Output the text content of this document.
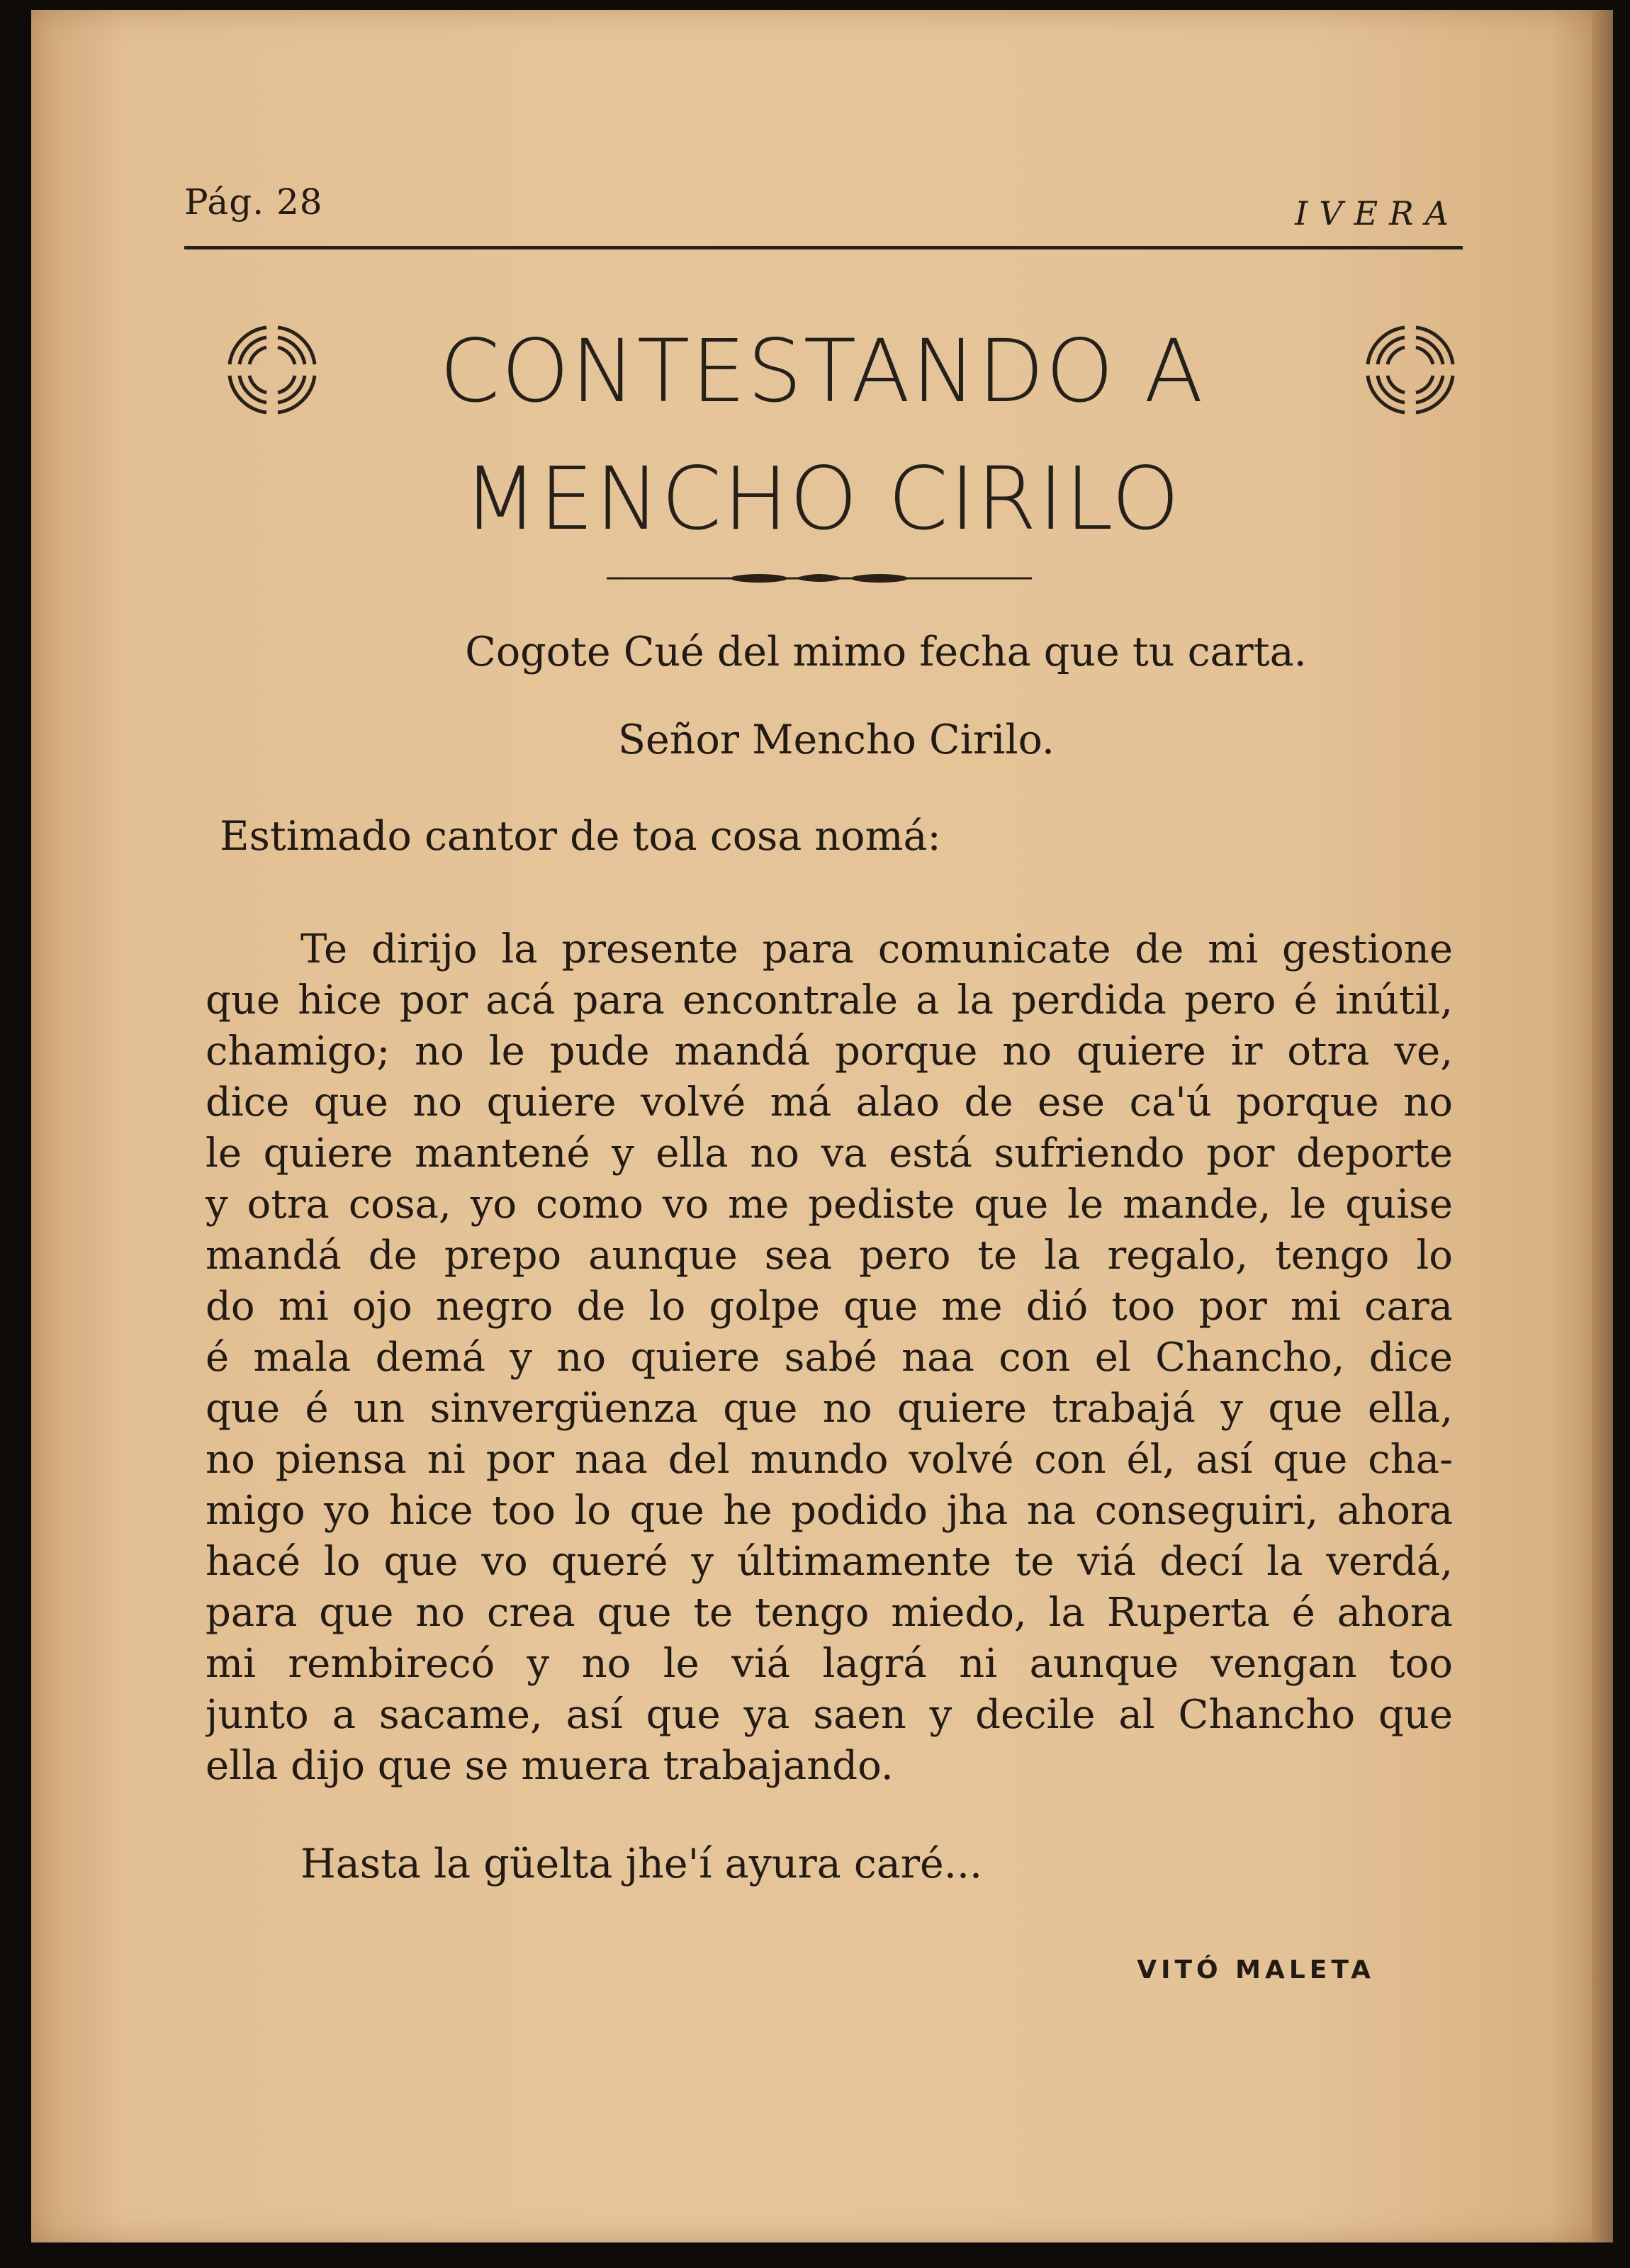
Pág. 28	IVERA
CONTESTANDO A
MENCHO CIRILO
Cogote Cué del mimo fecha que tu carta.
Señor Mencho Cirilo.
Estimado cantor de toa cosa nomá:
Te dirijo la presente para comunicate de mi gestione
que hice por acá para encontrale a la perdida pero é inútil,
chamigo; no le pude mandá porque no quiere ir otra ve,
dice que no quiere volvé má alao de ese ca'ú porque no
le quiere mantené y ella no va está sufriendo por deporte
y otra cosa, yo como vo me pediste que le mande, le quise
mandá de prepo aunque sea pero te la regalo, tengo lo
do mi ojo negro de lo golpe que me dió too por mi cara
é mala demá y no quiere sabé naa con el Chancho, dice
que é un sinvergüenza que no quiere trabajá y que ella,
no piensa ni por naa del mundo volvé con él, así que cha-
migo yo hice too lo que he podido jha na conseguiri, ahora
hacé lo que vo queré y últimamente te viá decí la verdá,
para que no crea que te tengo miedo, la Ruperta é ahora
mi rembirecó y no le viá lagrá ni aunque vengan too
junto a sacame, así que ya saen y decile al Chancho que
ella dijo que se muera trabajando.
Hasta la güelta jhe'í ayura caré...
VITÓ MALETA
